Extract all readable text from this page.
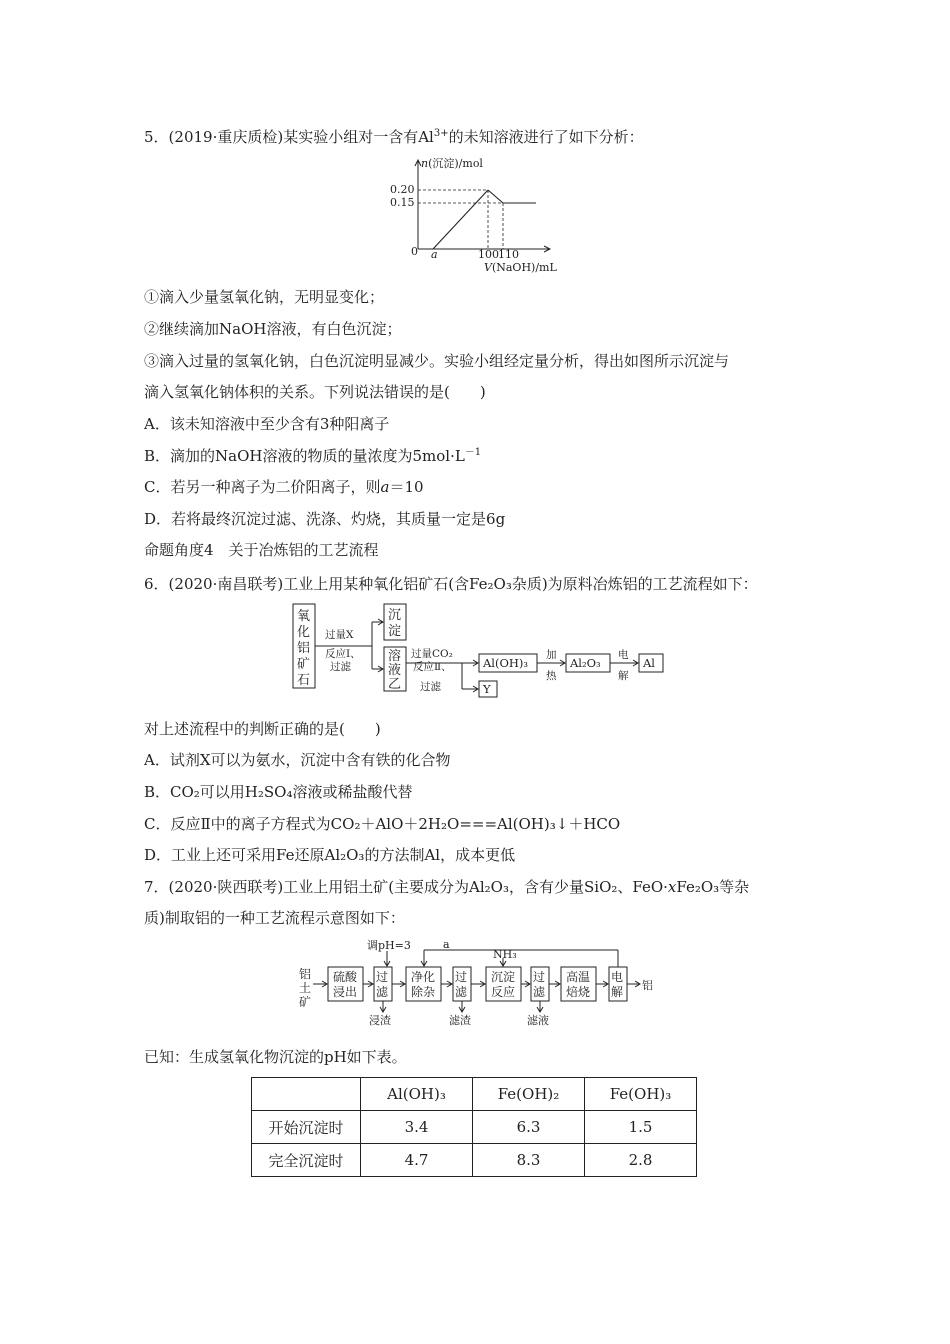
5．(2019·重庆质检)某实验小组对一含有$Al^{3+}$的未知溶液进行了如下分析：
n(沉淀)/mol
0
0.20
0.15
a	100 110
V(NaOH)/mL
①滴入少量氢氧化钠，无明显变化；
②继续滴加NaOH溶液，有白色沉淀；
③滴入过量的氢氧化钠，白色沉淀明显减少。实验小组经定量分析，得出如图所示沉淀与
滴入氢氧化钠体积的关系。下列说法错误的是(　　)
A．该未知溶液中至少含有3种阳离子
B．滴加的NaOH溶液的物质的量浓度为$5mol\cdot L^{-1}$
C．若另一种离子为二价阳离子，则a＝10
D．若将最终沉淀过滤、洗涤、灼烧，其质量一定是6g
命题角度4　关于冶炼铝的工艺流程
6．(2020·南昌联考)工业上用某种氧化铝矿石(含Fe₂O₃杂质)为原料冶炼铝的工艺流程如下：
氧
化
铝
矿
石
沉
淀
溶
液
乙
Al(OH)₃	Al₂O₃	Al
Y
过量X
反应Ⅰ、
过滤
过量CO₂
反应Ⅱ、
过滤
加
热
电
解
对上述流程中的判断正确的是(　　)
A．试剂X可以为氨水，沉淀中含有铁的化合物
B．CO₂可以用H₂SO₄溶液或稀盐酸代替
C．反应Ⅱ中的离子方程式为CO₂＋AlO＋2H₂O===Al(OH)₃↓＋HCO
D．工业上还可采用Fe还原Al₂O₃的方法制Al，成本更低
7．(2020·陕西联考)工业上用铝土矿(主要成分为Al₂O₃，含有少量SiO₂、FeO·xFe₂O₃等杂
质)制取铝的一种工艺流程示意图如下：
铝
土
矿
硫酸
浸出
过
滤
净化
除杂
过
滤
沉淀
反应
过
滤
高温
焙烧
电
解 铝
调pH=3	a
NH₃
浸渣	滤渣	滤液
已知：生成氢氧化物沉淀的pH如下表。
	Al(OH)₃	Fe(OH)₂	Fe(OH)₃
开始沉淀时	3.4	6.3	1.5
完全沉淀时	4.7	8.3	2.8
